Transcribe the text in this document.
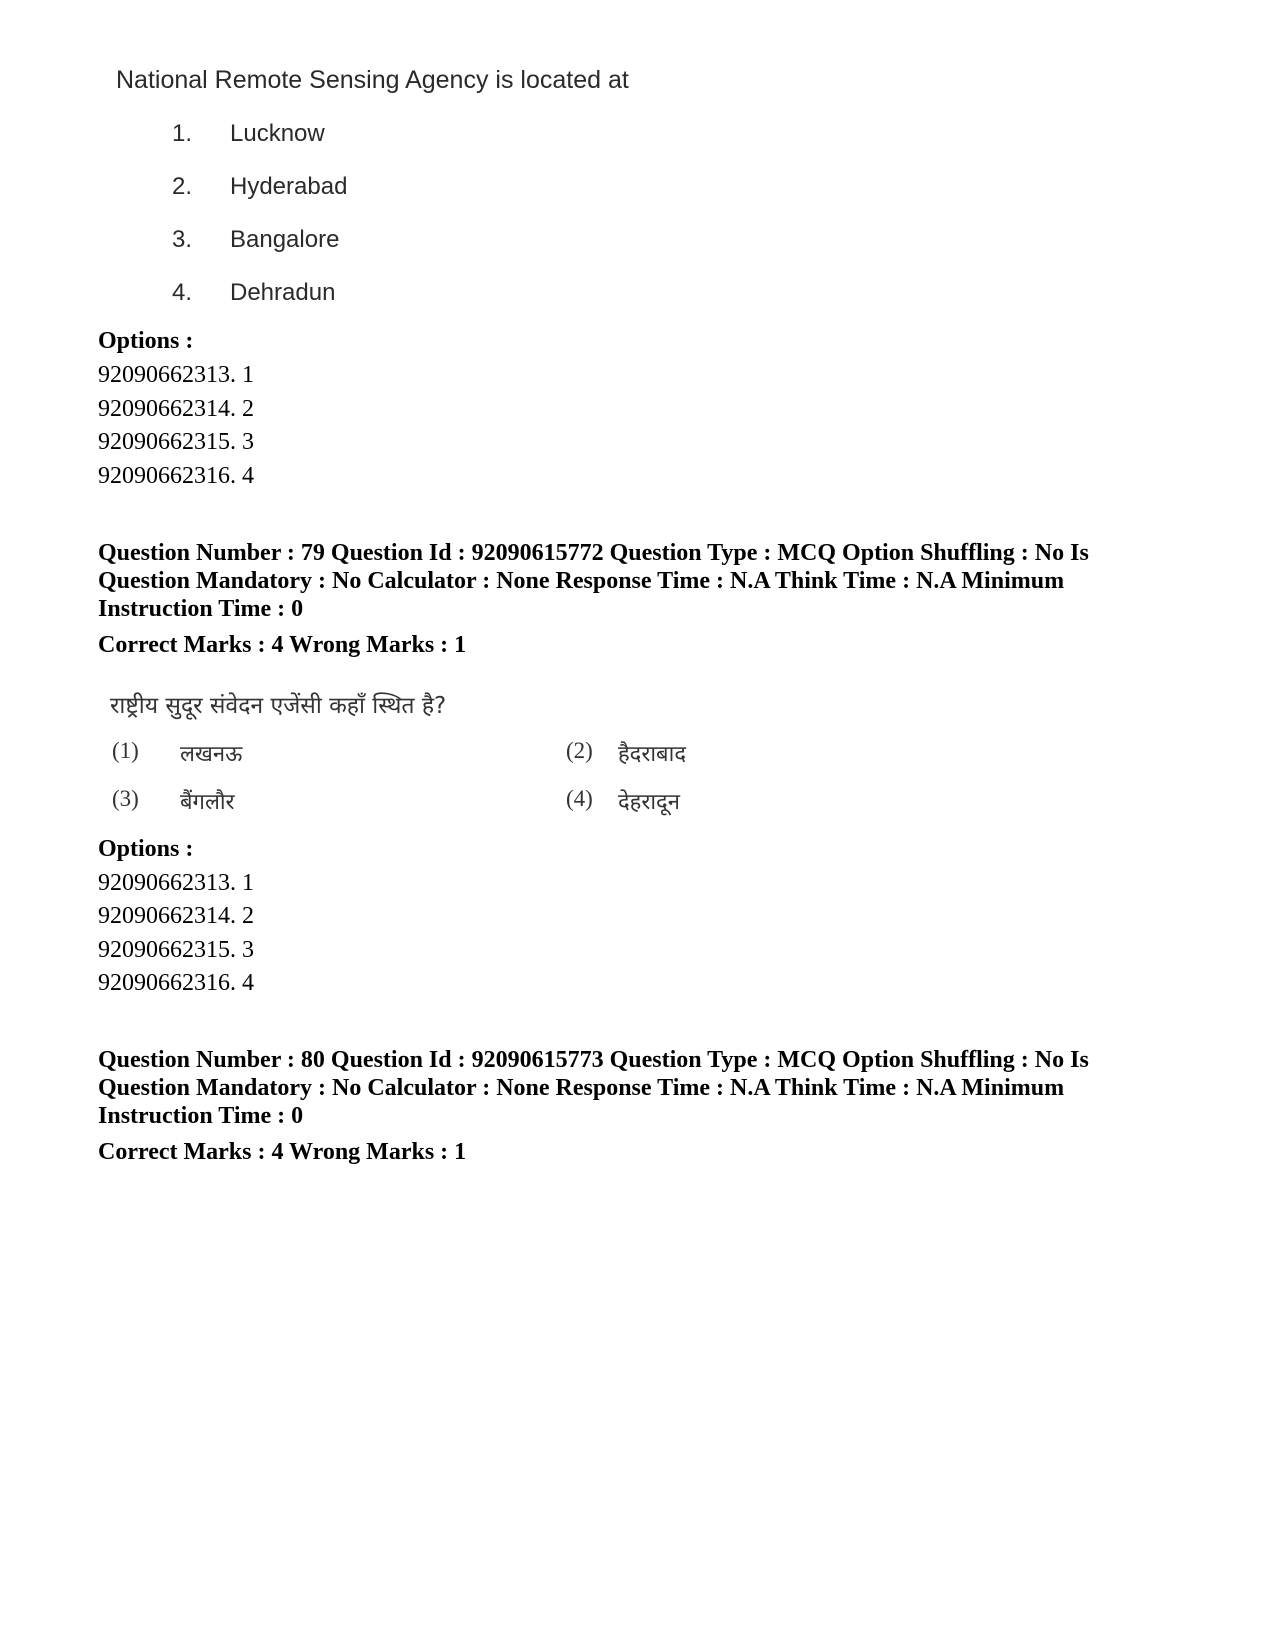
National Remote Sensing Agency is located at
1. Lucknow
2. Hyderabad
3. Bangalore
4. Dehradun
Options :
92090662313. 1
92090662314. 2
92090662315. 3
92090662316. 4
Question Number : 79 Question Id : 92090615772 Question Type : MCQ Option Shuffling : No Is Question Mandatory : No Calculator : None Response Time : N.A Think Time : N.A Minimum Instruction Time : 0
Correct Marks : 4 Wrong Marks : 1
राष्ट्रीय सुदूर संवेदन एजेंसी कहाँ स्थित है?
(1) लखनऊ	(2) हैदराबाद
(3) बैंगलौर	(4) देहरादून
Options :
92090662313. 1
92090662314. 2
92090662315. 3
92090662316. 4
Question Number : 80 Question Id : 92090615773 Question Type : MCQ Option Shuffling : No Is Question Mandatory : No Calculator : None Response Time : N.A Think Time : N.A Minimum Instruction Time : 0
Correct Marks : 4 Wrong Marks : 1
